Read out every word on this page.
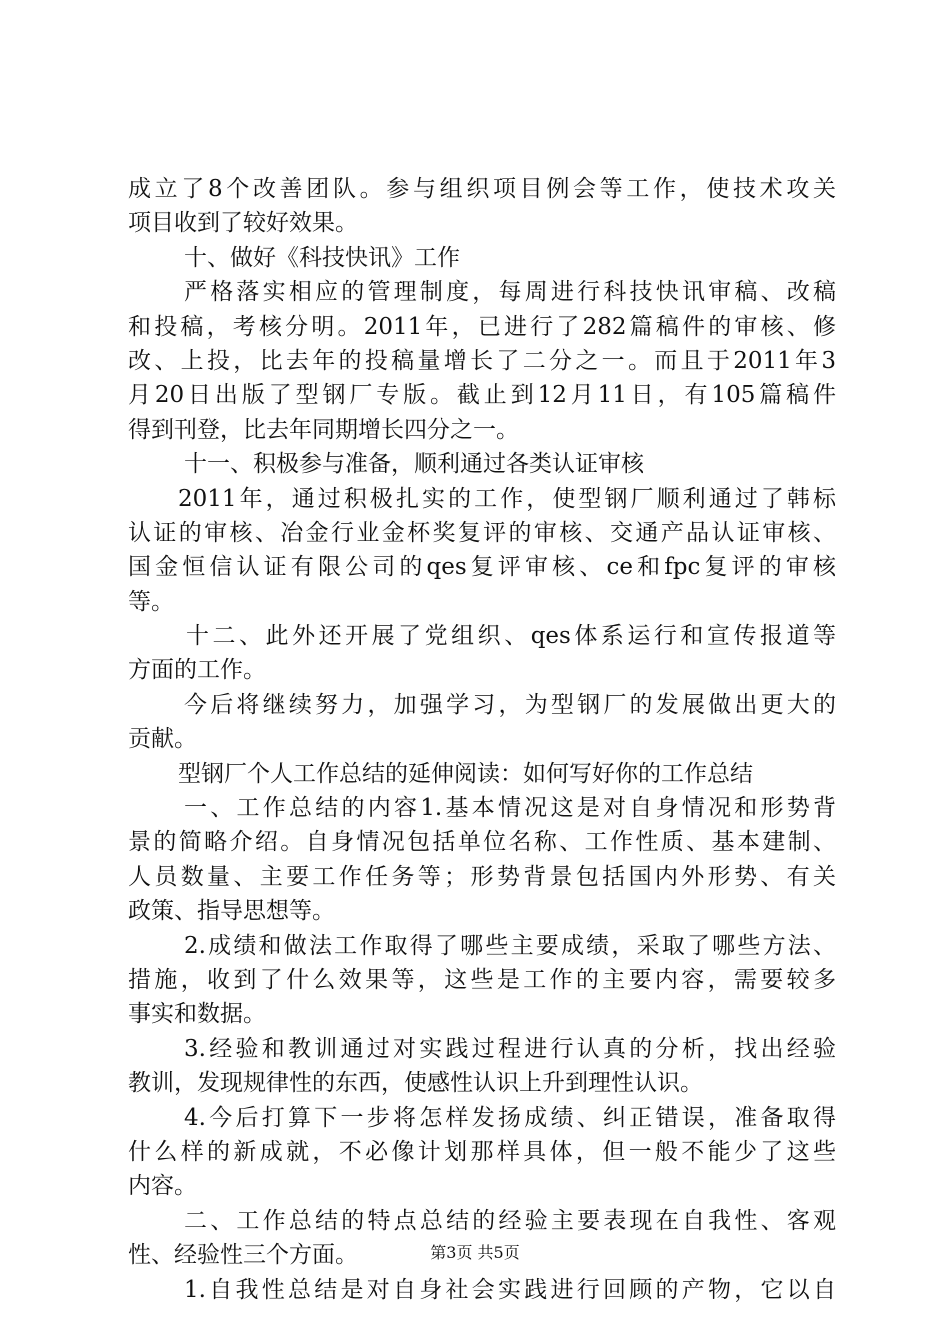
成立了8个改善团队。参与组织项目例会等工作，使技术攻关
项目收到了较好效果。
十、做好《科技快讯》工作
严格落实相应的管理制度，每周进行科技快讯审稿、改稿
和投稿，考核分明。2011年，已进行了282篇稿件的审核、修
改、上投，比去年的投稿量增长了二分之一。而且于2011年3
月20日出版了型钢厂专版。截止到12月11日，有105篇稿件
得到刊登，比去年同期增长四分之一。
十一、积极参与准备，顺利通过各类认证审核
2011年，通过积极扎实的工作，使型钢厂顺利通过了韩标
认证的审核、冶金行业金杯奖复评的审核、交通产品认证审核、
国金恒信认证有限公司的qes复评审核、ce和fpc复评的审核
等。
十二、此外还开展了党组织、qes体系运行和宣传报道等
方面的工作。
今后将继续努力，加强学习，为型钢厂的发展做出更大的
贡献。
型钢厂个人工作总结的延伸阅读：如何写好你的工作总结
一、工作总结的内容1.基本情况这是对自身情况和形势背
景的简略介绍。自身情况包括单位名称、工作性质、基本建制、
人员数量、主要工作任务等；形势背景包括国内外形势、有关
政策、指导思想等。
2.成绩和做法工作取得了哪些主要成绩，采取了哪些方法、
措施，收到了什么效果等，这些是工作的主要内容，需要较多
事实和数据。
3.经验和教训通过对实践过程进行认真的分析，找出经验
教训，发现规律性的东西，使感性认识上升到理性认识。
4.今后打算下一步将怎样发扬成绩、纠正错误，准备取得
什么样的新成就，不必像计划那样具体，但一般不能少了这些
内容。
二、工作总结的特点总结的经验主要表现在自我性、客观
性、经验性三个方面。
1.自我性总结是对自身社会实践进行回顾的产物，它以自
第3页 共5页
